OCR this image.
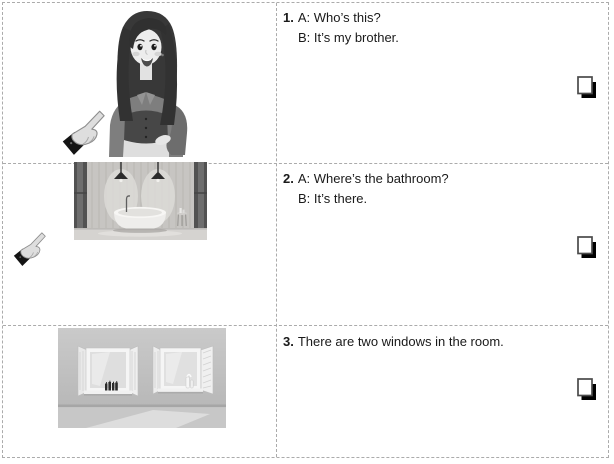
1. A: Who’s this?
B: It’s my brother.
2. A: Where’s the bathroom?
B: It’s there.
3. There are two windows in the room.
